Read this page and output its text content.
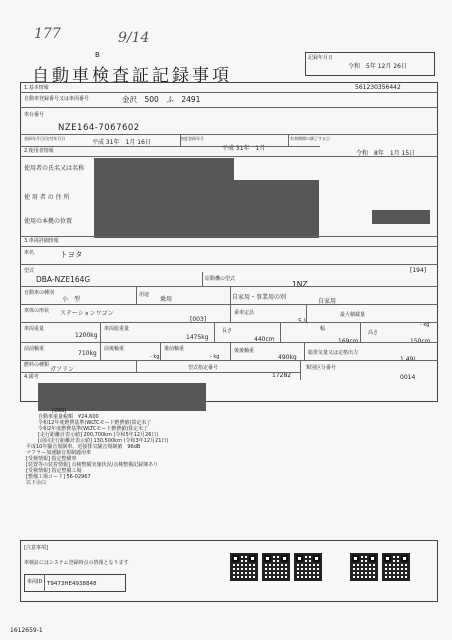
177	9/14
B
自動車検査証記録事項
記録年月日
令和　5年 12月 26日
561230356442
1.基本情報
自動車登録番号又は車両番号	金沢　500　ふ　2491
車台番号
NZE164-7067602
登録年月日/交付年月日
平成 31年　1月 16日
初度登録年月
平成 31年　1月
有効期間の満了する日
令和　8年　1月 15日
2.使用者情報
使用者の氏名又は名称
使 用 者 の 住 所
使用の本拠の位置
3.車両詳細情報
車名	トヨタ
型式
DBA-NZE164G
[194]
原動機の型式
1NZ
自動車の種別
小　型
用途
乗用	自家用・事業用の別
自家用
車体の形状 ステーションワゴン
[003]
乗車定員
5人
最大積載量
- kg
車両重量
1200kg
車両総重量
1475kg
長さ
440cm
幅
169cm
高さ
150cm
前前軸重
710kg
前後軸重
- kg
後前軸重
- kg
後後軸重
490kg
総排気量又は定格出力
1.49L
燃料の種類
ガソリン	型式指定番号
17282
類別区分番号
0014
4.備考
[OSS]
自動車重量税額　¥24,600
令和12年度燃費基準(WLTCモード燃費値)算定未了
令和2年度燃費基準(WLTCモード燃費値)算定未了
[走行距離計表示値] 200,700km (令和5年12月26日)
[前回走行距離計表示値] 130,500km (令和3年12月21日)
平成10年騒音規制車、近接排気騒音規制値　96dB
マフラー加速騒音規制適用車
[受検情報] 指定整備車
[装置等の装着情報] 点検整備実施状況/点検整備記録簿あり
[受検情報] 指定整備工場
[整備工場コード] 56-02967
以下余白
[注意事項]
車検証にはシステム登録時点の情報となります
車両ID T9473HE4938848
1612659-1
